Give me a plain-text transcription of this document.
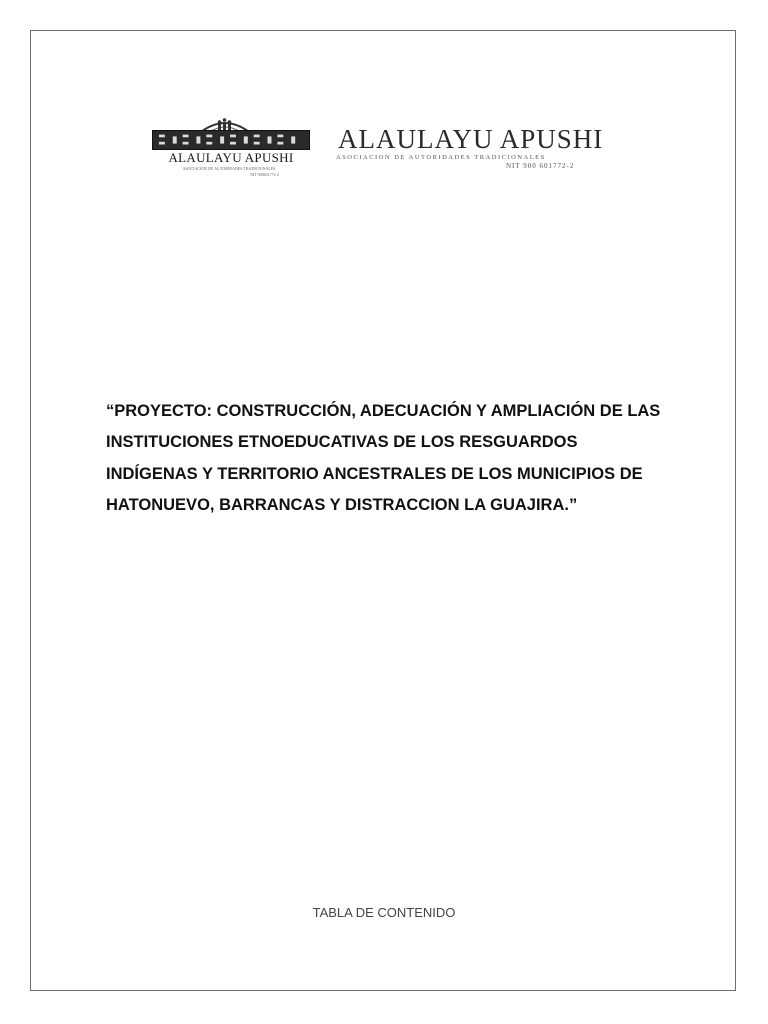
ALAULAYU APUSHI
ASOCIACION DE AUTORIDADES TRADICIONALES
NIT 900601772-2
ALAULAYU APUSHI
ASOCIACION DE AUTORIDADES TRADICIONALES
NIT 900 601772-2
“PROYECTO: CONSTRUCCIÓN, ADECUACIÓN Y AMPLIACIÓN DE LAS
INSTITUCIONES ETNOEDUCATIVAS DE LOS RESGUARDOS
INDÍGENAS Y TERRITORIO ANCESTRALES DE LOS MUNICIPIOS DE
HATONUEVO, BARRANCAS Y DISTRACCION LA GUAJIRA.”
TABLA DE CONTENIDO
